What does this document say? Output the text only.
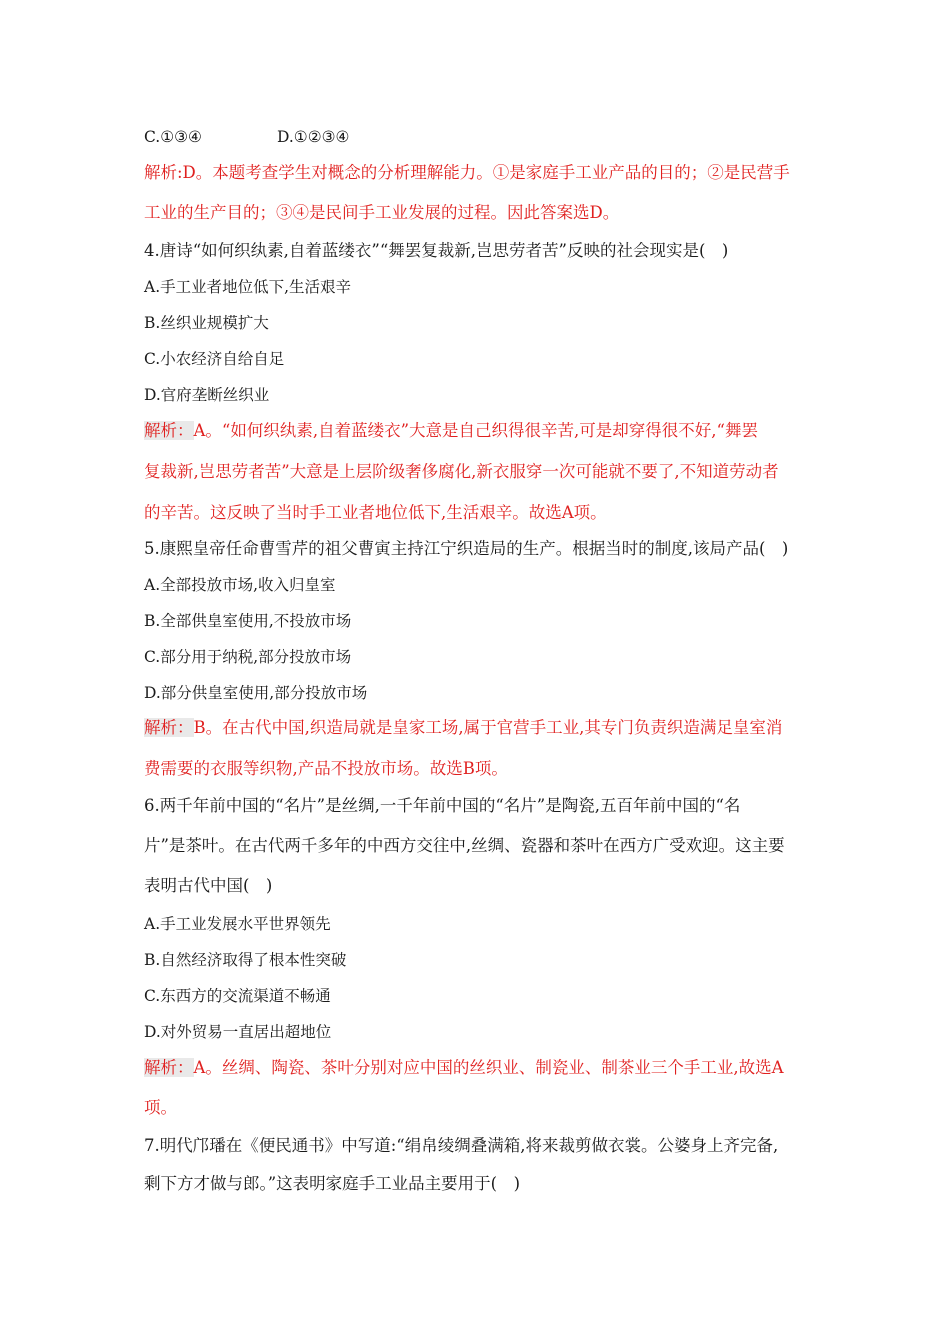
C.①③④	D.①②③④
解析:D。本题考查学生对概念的分析理解能力。①是家庭手工业产品的目的；②是民营手
工业的生产目的；③④是民间手工业发展的过程。因此答案选D。
4.唐诗“如何织纨素,自着蓝缕衣”“舞罢复裁新,岂思劳者苦”反映的社会现实是(　)
A.手工业者地位低下,生活艰辛
B.丝织业规模扩大
C.小农经济自给自足
D.官府垄断丝织业
解析：A。“如何织纨素,自着蓝缕衣”大意是自己织得很辛苦,可是却穿得很不好,“舞罢
复裁新,岂思劳者苦”大意是上层阶级奢侈腐化,新衣服穿一次可能就不要了,不知道劳动者
的辛苦。这反映了当时手工业者地位低下,生活艰辛。故选A项。
5.康熙皇帝任命曹雪芹的祖父曹寅主持江宁织造局的生产。根据当时的制度,该局产品(　)
A.全部投放市场,收入归皇室
B.全部供皇室使用,不投放市场
C.部分用于纳税,部分投放市场
D.部分供皇室使用,部分投放市场
解析：B。在古代中国,织造局就是皇家工场,属于官营手工业,其专门负责织造满足皇室消
费需要的衣服等织物,产品不投放市场。故选B项。
6.两千年前中国的“名片”是丝绸,一千年前中国的“名片”是陶瓷,五百年前中国的“名
片”是茶叶。在古代两千多年的中西方交往中,丝绸、瓷器和茶叶在西方广受欢迎。这主要
表明古代中国(　)
A.手工业发展水平世界领先
B.自然经济取得了根本性突破
C.东西方的交流渠道不畅通
D.对外贸易一直居出超地位
解析：A。丝绸、陶瓷、茶叶分别对应中国的丝织业、制瓷业、制茶业三个手工业,故选A
项。
7.明代邝璠在《便民通书》中写道:“绢帛绫绸叠满箱,将来裁剪做衣裳。公婆身上齐完备,
剩下方才做与郎。”这表明家庭手工业品主要用于(　)
